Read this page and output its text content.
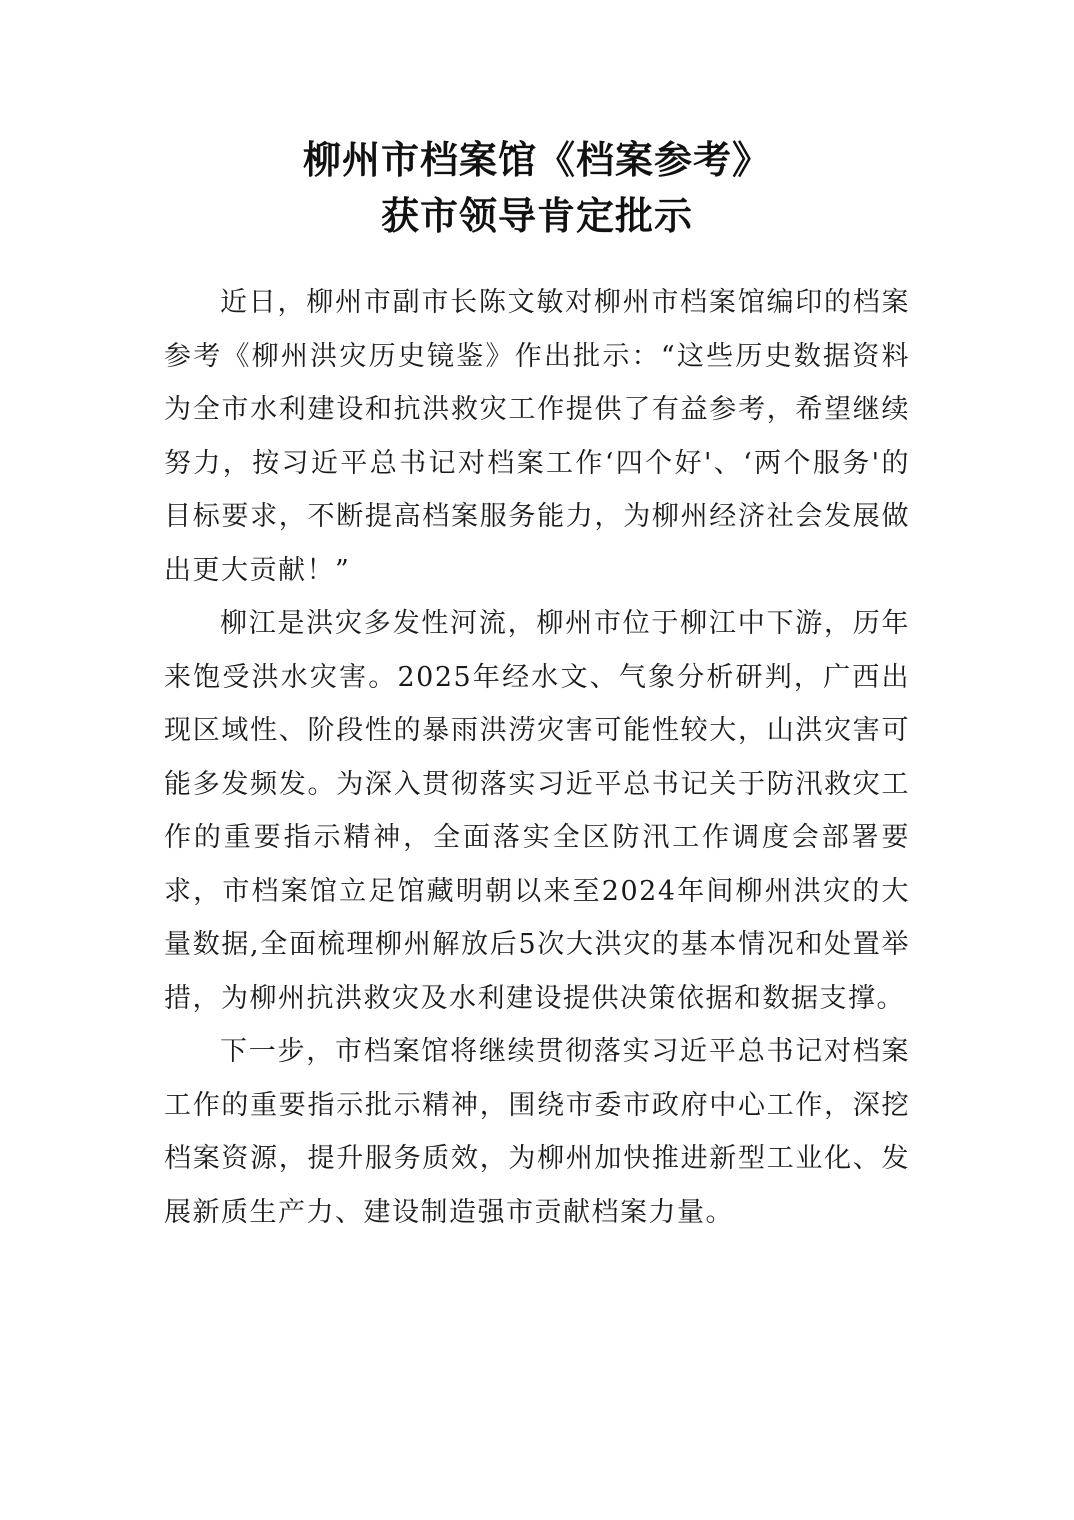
柳州市档案馆《档案参考》
获市领导肯定批示

近日，柳州市副市长陈文敏对柳州市档案馆编印的档案参考《柳州洪灾历史镜鉴》作出批示：“这些历史数据资料为全市水利建设和抗洪救灾工作提供了有益参考，希望继续努力，按习近平总书记对档案工作‘四个好'、‘两个服务'的目标要求，不断提高档案服务能力，为柳州经济社会发展做出更大贡献！”

柳江是洪灾多发性河流，柳州市位于柳江中下游，历年来饱受洪水灾害。2025年经水文、气象分析研判，广西出现区域性、阶段性的暴雨洪涝灾害可能性较大，山洪灾害可能多发频发。为深入贯彻落实习近平总书记关于防汛救灾工作的重要指示精神，全面落实全区防汛工作调度会部署要求，市档案馆立足馆藏明朝以来至2024年间柳州洪灾的大量数据,全面梳理柳州解放后5次大洪灾的基本情况和处置举措，为柳州抗洪救灾及水利建设提供决策依据和数据支撑。

下一步，市档案馆将继续贯彻落实习近平总书记对档案工作的重要指示批示精神，围绕市委市政府中心工作，深挖档案资源，提升服务质效，为柳州加快推进新型工业化、发展新质生产力、建设制造强市贡献档案力量。
